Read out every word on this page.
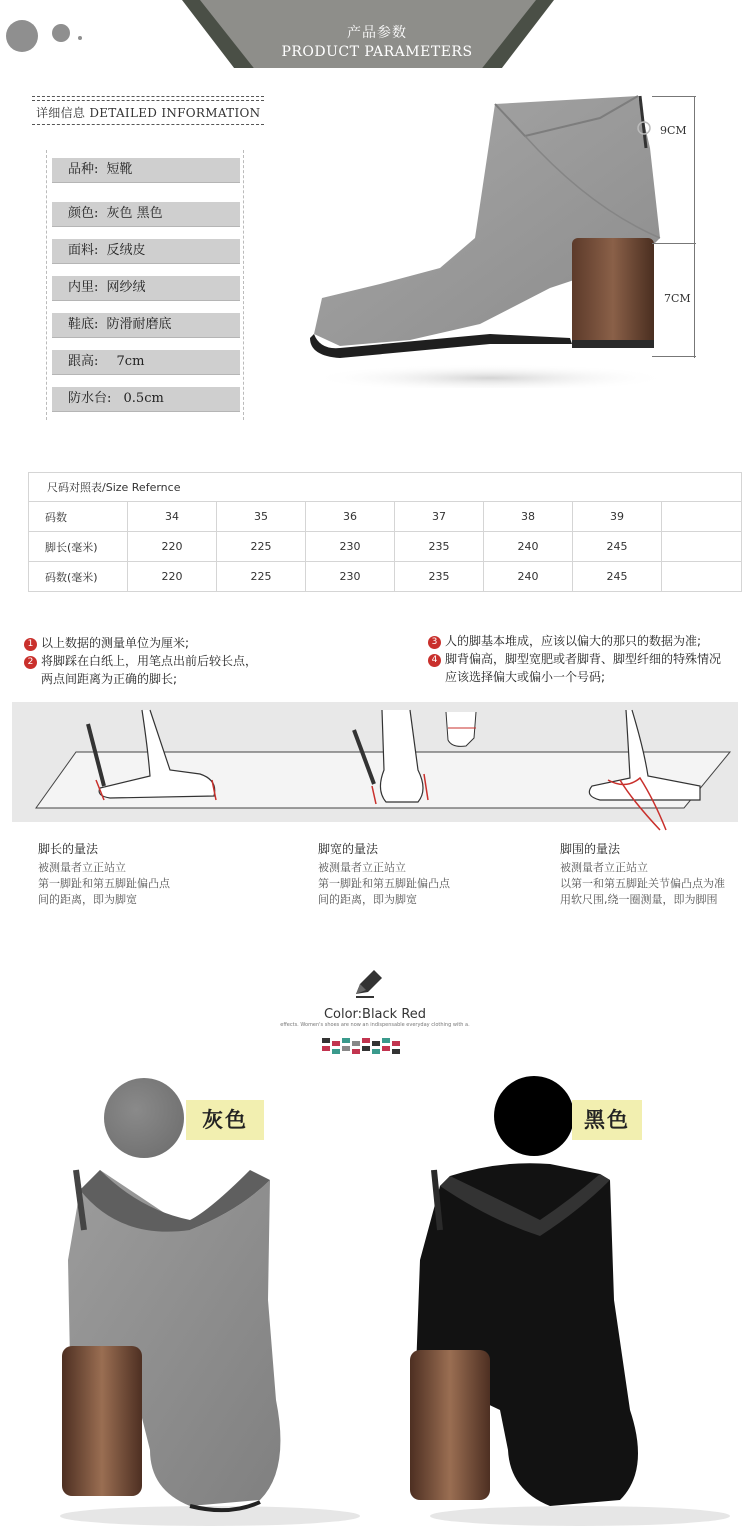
产品参数
PRODUCT PARAMETERS
详细信息 DETAILED INFORMATION
品种: 短靴
颜色: 灰色 黑色
面料: 反绒皮
内里: 网纱绒
鞋底: 防滑耐磨底
跟高: 7cm
防水台: 0.5cm
9CM
7CM
尺码对照表/Size Refernce							
码数	34	35	36	37	38	39	
脚长(毫米)	220	225	230	235	240	245	
码数(毫米)	220	225	230	235	240	245	
1 以上数据的测量单位为厘米;
2 将脚踩在白纸上，用笔点出前后较长点，
两点间距离为正确的脚长;
3 人的脚基本堆成，应该以偏大的那只的数据为准;
4 脚背偏高，脚型宽肥或者脚背、脚型纤细的特殊情况
应该选择偏大或偏小一个号码;
脚长的量法
被测量者立正站立
第一脚趾和第五脚趾偏凸点
间的距离，即为脚宽
脚宽的量法
被测量者立正站立
第一脚趾和第五脚趾偏凸点
间的距离，即为脚宽
脚围的量法
被测量者立正站立
以第一和第五脚趾关节偏凸点为准
用软尺围,绕一圈测量，即为脚围
Color:Black Red
effects. Women's shoes are now an indispensable everyday clothing with a.
灰色	黑色
